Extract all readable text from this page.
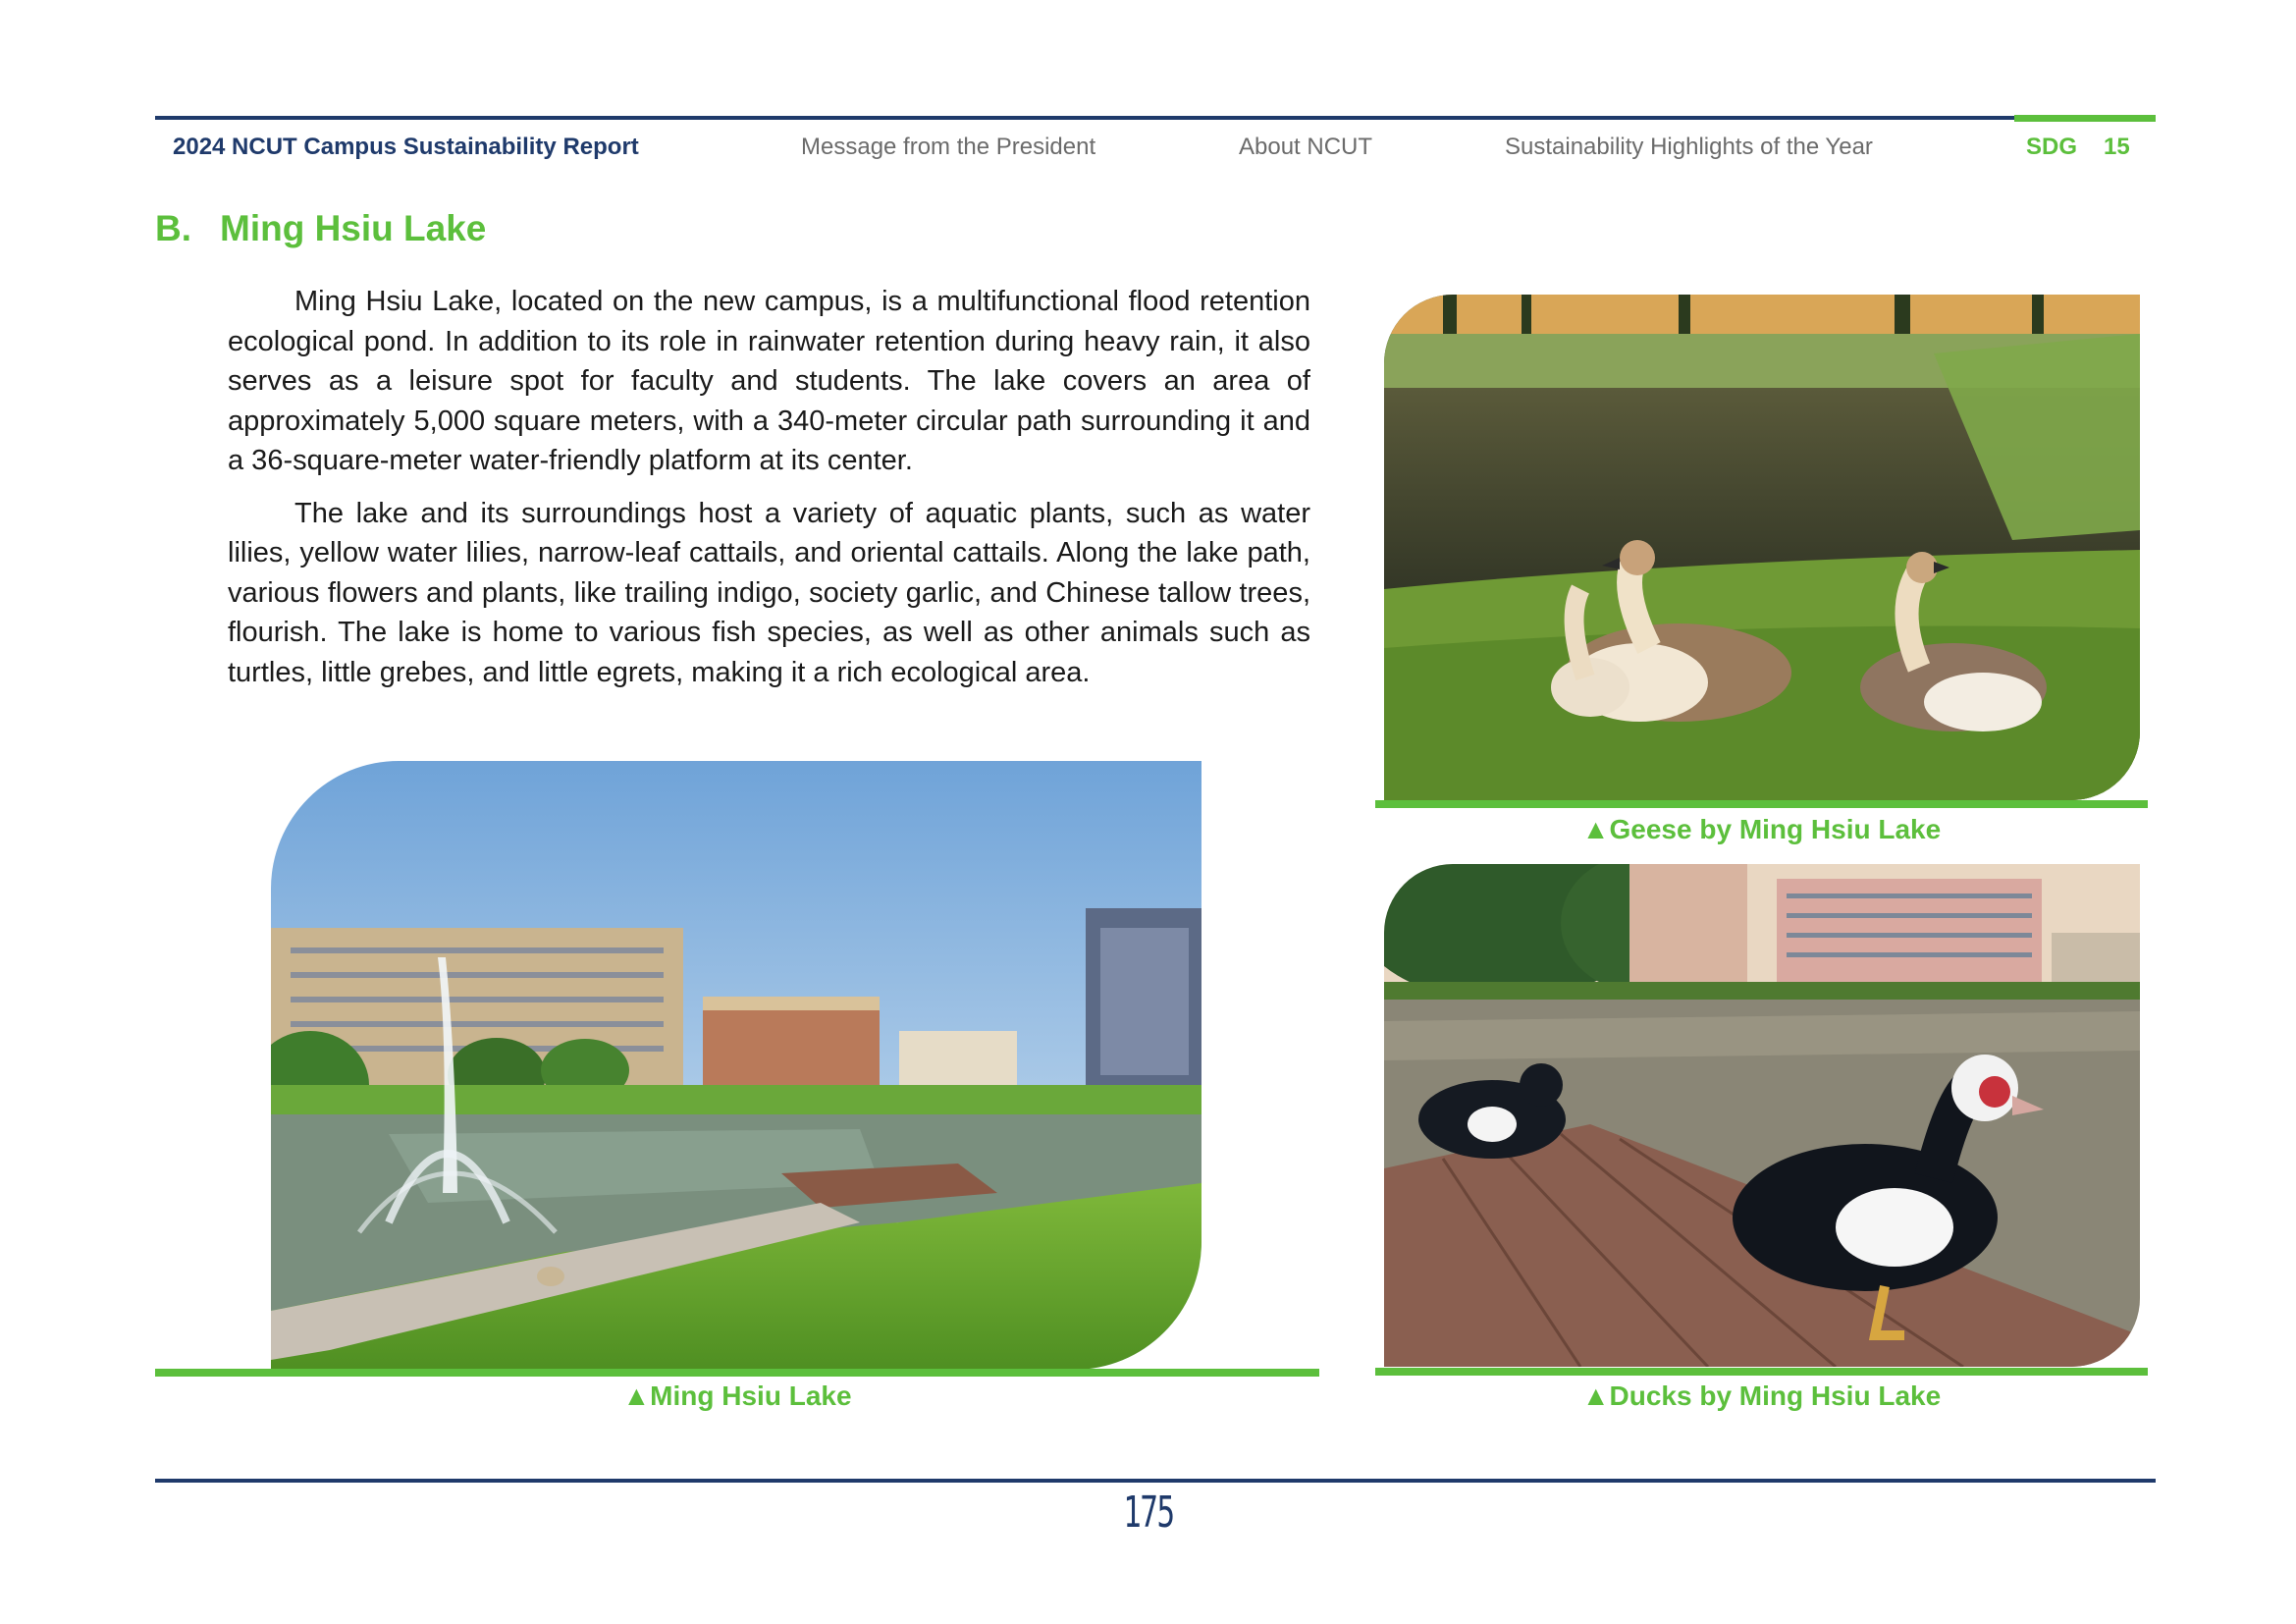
2024 NCUT Campus Sustainability Report	Message from the President	About NCUT	Sustainability Highlights of the Year	SDG 15
B. Ming Hsiu Lake

Ming Hsiu Lake, located on the new campus, is a multifunctional flood retention ecological pond. In addition to its role in rainwater retention during heavy rain, it also serves as a leisure spot for faculty and students. The lake covers an area of approximately 5,000 square meters, with a 340-meter circular path surrounding it and a 36-square-meter water-friendly platform at its center.

The lake and its surroundings host a variety of aquatic plants, such as water lilies, yellow water lilies, narrow-leaf cattails, and oriental cattails. Along the lake path, various flowers and plants, like trailing indigo, society garlic, and Chinese tallow trees, flourish. The lake is home to various fish species, as well as other animals such as turtles, little grebes, and little egrets, making it a rich ecological area.

▲Ming Hsiu Lake
▲Geese by Ming Hsiu Lake
▲Ducks by Ming Hsiu Lake
175
